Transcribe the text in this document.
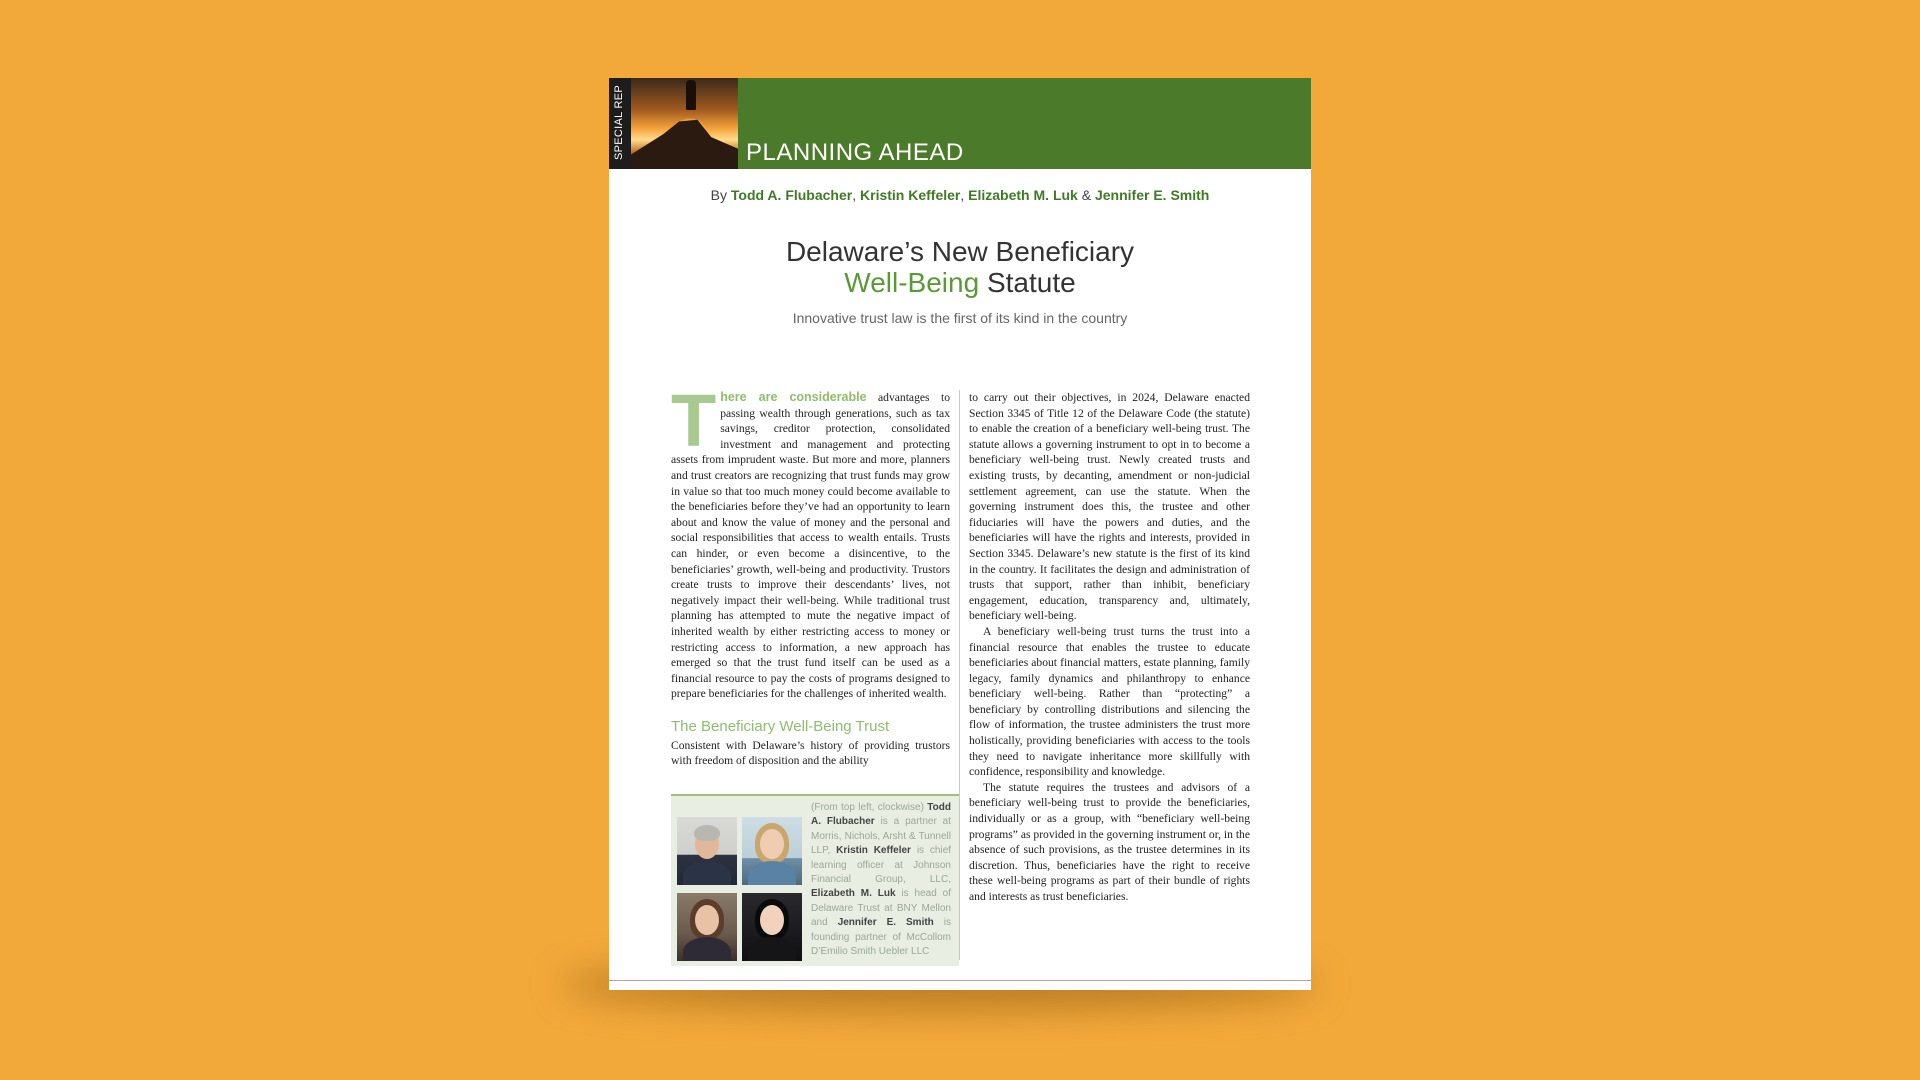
SPECIAL REP	PLANNING AHEAD
By Todd A. Flubacher, Kristin Keffeler, Elizabeth M. Luk & Jennifer E. Smith
Delaware’s New Beneficiary
Well-Being Statute
Innovative trust law is the first of its kind in the country

There are considerable advantages to passing wealth through generations, such as tax savings, creditor protection, consolidated investment and management and protecting assets from imprudent waste. But more and more, planners and trust creators are recognizing that trust funds may grow in value so that too much money could become available to the beneficiaries before they’ve had an opportunity to learn about and know the value of money and the personal and social responsibilities that access to wealth entails. Trusts can hinder, or even become a disincentive, to the beneficiaries’ growth, well-being and productivity. Trustors create trusts to improve their descendants’ lives, not negatively impact their well-being. While traditional trust planning has attempted to mute the negative impact of inherited wealth by either restricting access to money or restricting access to information, a new approach has emerged so that the trust fund itself can be used as a financial resource to pay the costs of programs designed to prepare beneficiaries for the challenges of inherited wealth.

The Beneficiary Well-Being Trust

Consistent with Delaware’s history of providing trustors with freedom of disposition and the ability

to carry out their objectives, in 2024, Delaware enacted Section 3345 of Title 12 of the Delaware Code (the statute) to enable the creation of a beneficiary well-being trust. The statute allows a governing instrument to opt in to become a beneficiary well-being trust. Newly created trusts and existing trusts, by decanting, amendment or non-judicial settlement agreement, can use the statute. When the governing instrument does this, the trustee and other fiduciaries will have the powers and duties, and the beneficiaries will have the rights and interests, provided in Section 3345. Delaware’s new statute is the first of its kind in the country. It facilitates the design and administration of trusts that support, rather than inhibit, beneficiary engagement, education, transparency and, ultimately, beneficiary well-being.

A beneficiary well-being trust turns the trust into a financial resource that enables the trustee to educate beneficiaries about financial matters, estate planning, family legacy, family dynamics and philanthropy to enhance beneficiary well-being. Rather than “protecting” a beneficiary by controlling distributions and silencing the flow of information, the trustee administers the trust more holistically, providing beneficiaries with access to the tools they need to navigate inheritance more skillfully with confidence, responsibility and knowledge.

The statute requires the trustees and advisors of a beneficiary well-being trust to provide the beneficiaries, individually or as a group, with “beneficiary well-being programs” as provided in the governing instrument or, in the absence of such provisions, as the trustee determines in its discretion. Thus, beneficiaries have the right to receive these well-being programs as part of their bundle of rights and interests as trust beneficiaries.

(From top left, clockwise) Todd A. Flubacher is a partner at Morris, Nichols, Arsht & Tunnell LLP, Kristin Keffeler is chief learning officer at Johnson Financial Group, LLC, Elizabeth M. Luk is head of Delaware Trust at BNY Mellon and Jennifer E. Smith is founding partner of McCollom D’Emilio Smith Uebler LLC
